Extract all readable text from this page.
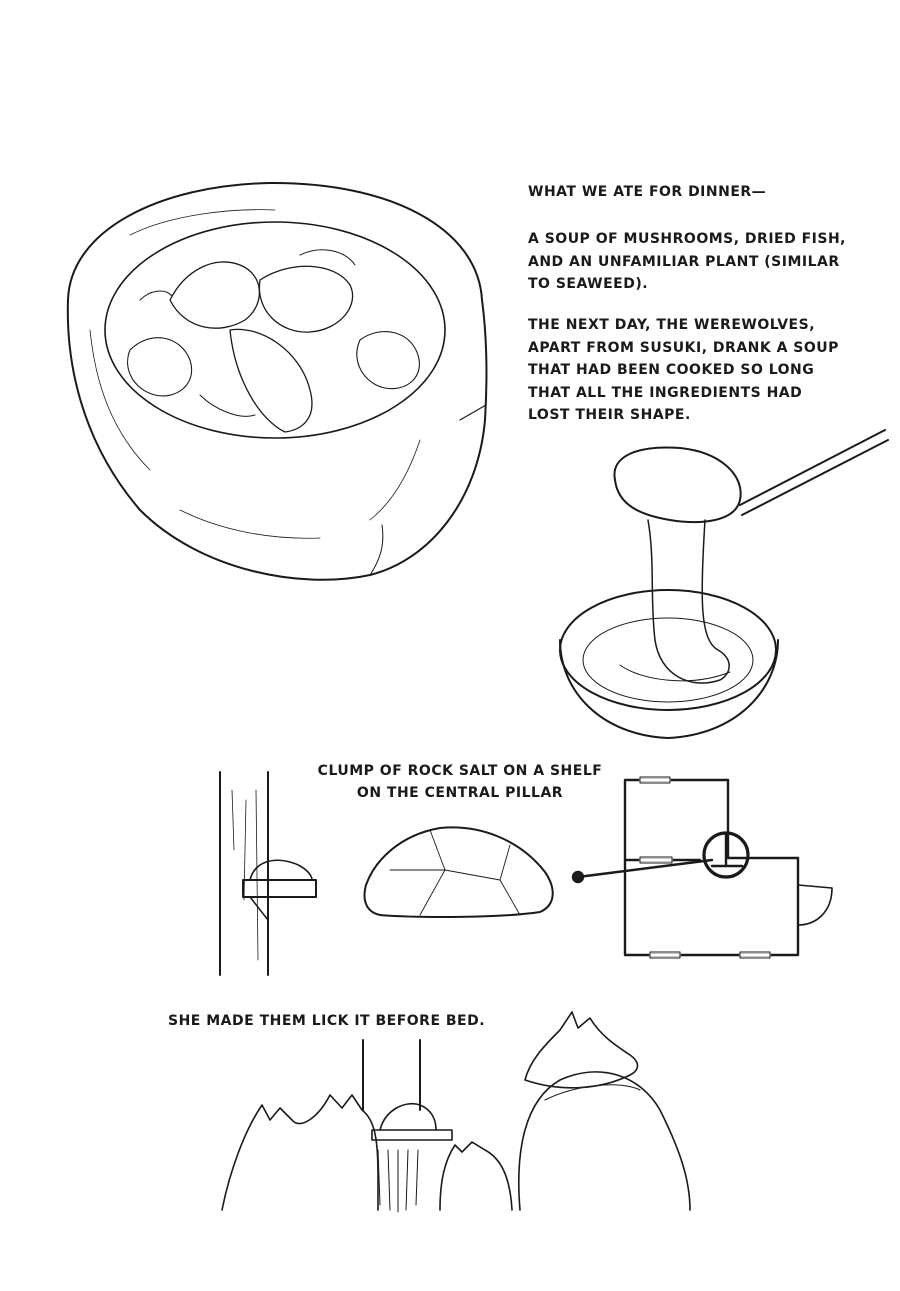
WHAT WE ATE FOR DINNER—

A SOUP OF MUSHROOMS, DRIED FISH,
AND AN UNFAMILIAR PLANT (SIMILAR
TO SEAWEED).
THE NEXT DAY, THE WEREWOLVES,
APART FROM SUSUKI, DRANK A SOUP
THAT HAD BEEN COOKED SO LONG
THAT ALL THE INGREDIENTS HAD
LOST THEIR SHAPE.
CLUMP OF ROCK SALT ON A SHELF
ON THE CENTRAL PILLAR

SHE MADE THEM LICK IT BEFORE BED.
